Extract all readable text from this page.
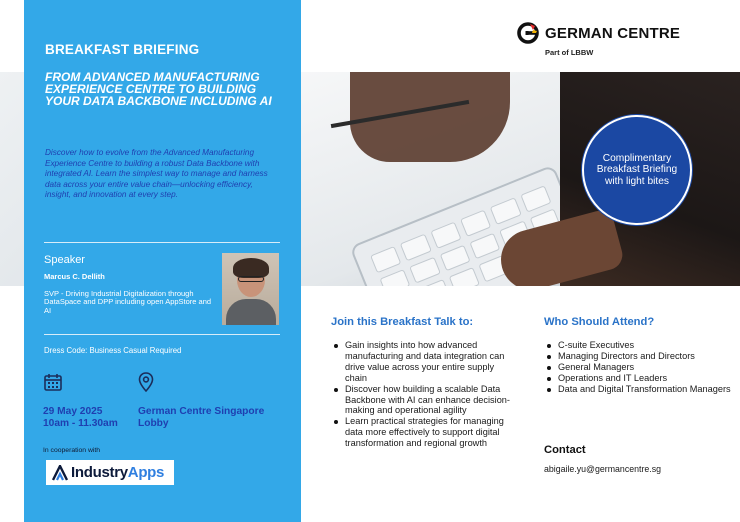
BREAKFAST BRIEFING
FROM ADVANCED MANUFACTURING EXPERIENCE CENTRE TO BUILDING YOUR DATA BACKBONE INCLUDING AI
Discover how to evolve from the Advanced Manufacturing Experience Centre to building a robust Data Backbone with integrated AI. Learn the simplest way to manage and harness data across your entire value chain—unlocking efficiency, insight, and innovation at every step.
Speaker
Marcus C. Dellith
SVP - Driving Industrial Digitalization through DataSpace and DPP including open AppStore and AI
Dress Code: Business Casual Required
29 May 2025
10am - 11.30am
German Centre Singapore
Lobby
In cooperation with
Industry Apps
GERMAN CENTRE
Part of LBBW
Complimentary Breakfast Briefing with light bites
Join this Breakfast Talk to:
Gain insights into how advanced manufacturing and data integration can drive value across your entire supply chain
Discover how building a scalable Data Backbone with AI can enhance decision-making and operational agility
Learn practical strategies for managing data more effectively to support digital transformation and regional growth
Who Should Attend?
C-suite Executives
Managing Directors and Directors
General Managers
Operations and IT Leaders
Data and Digital Transformation Managers
Contact
abigaile.yu@germancentre.sg
